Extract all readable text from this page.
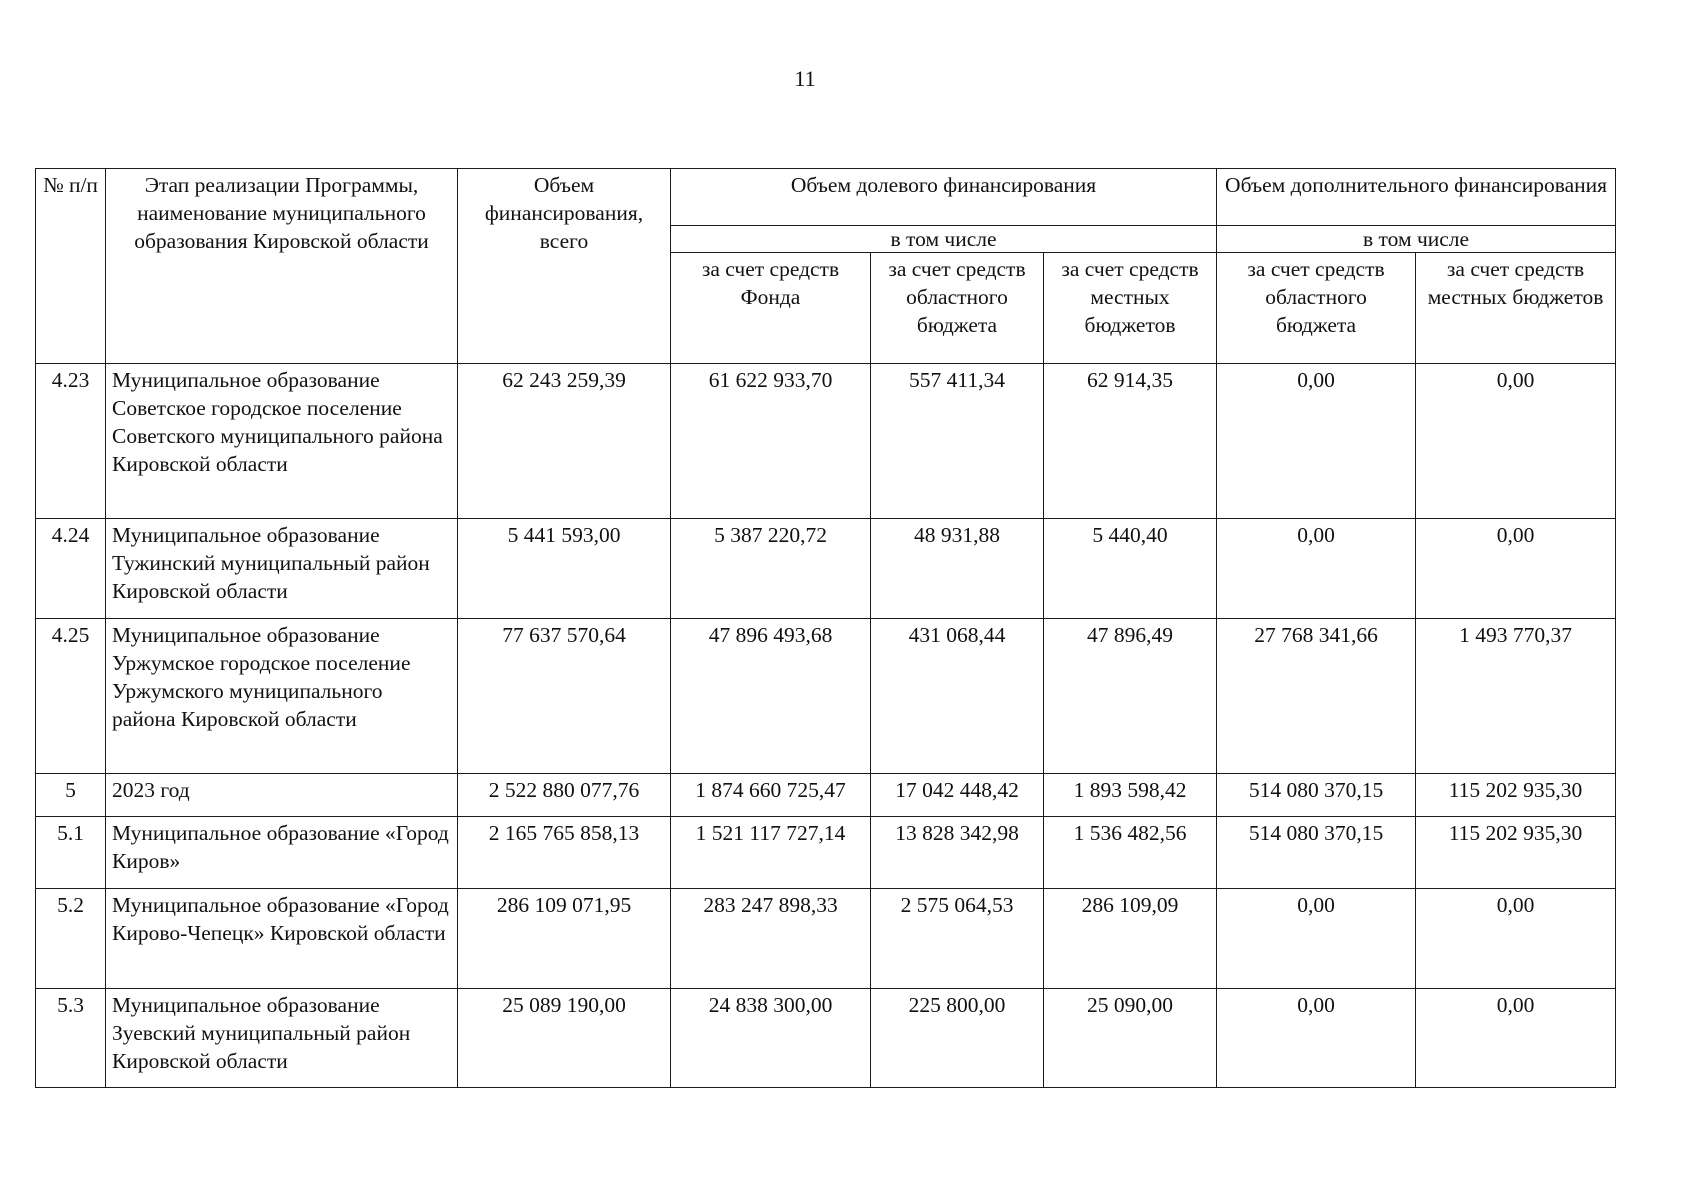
11
№ п/п	Этап реализации Программы, наименование муниципального образования Кировской области	Объем финансирования, всего	Объем долевого финансирования			Объем дополнительного финансирования	
			в том числе			в том числе	
			за счет средств Фонда	за счет средств областного бюджета	за счет средств местных бюджетов	за счет средств областного бюджета	за счет средств местных бюджетов
4.23	Муниципальное образование Советское городское поселение Советского муниципального района Кировской области	62 243 259,39	61 622 933,70	557 411,34	62 914,35	0,00	0,00
4.24	Муниципальное образование Тужинский муниципальный район Кировской области	5 441 593,00	5 387 220,72	48 931,88	5 440,40	0,00	0,00
4.25	Муниципальное образование Уржумское городское поселение Уржумского муниципального района Кировской области	77 637 570,64	47 896 493,68	431 068,44	47 896,49	27 768 341,66	1 493 770,37
5	2023 год	2 522 880 077,76	1 874 660 725,47	17 042 448,42	1 893 598,42	514 080 370,15	115 202 935,30
5.1	Муниципальное образование «Город Киров»	2 165 765 858,13	1 521 117 727,14	13 828 342,98	1 536 482,56	514 080 370,15	115 202 935,30
5.2	Муниципальное образование «Город Кирово-Чепецк» Кировской области	286 109 071,95	283 247 898,33	2 575 064,53	286 109,09	0,00	0,00
5.3	Муниципальное образование Зуевский муниципальный район Кировской области	25 089 190,00	24 838 300,00	225 800,00	25 090,00	0,00	0,00
